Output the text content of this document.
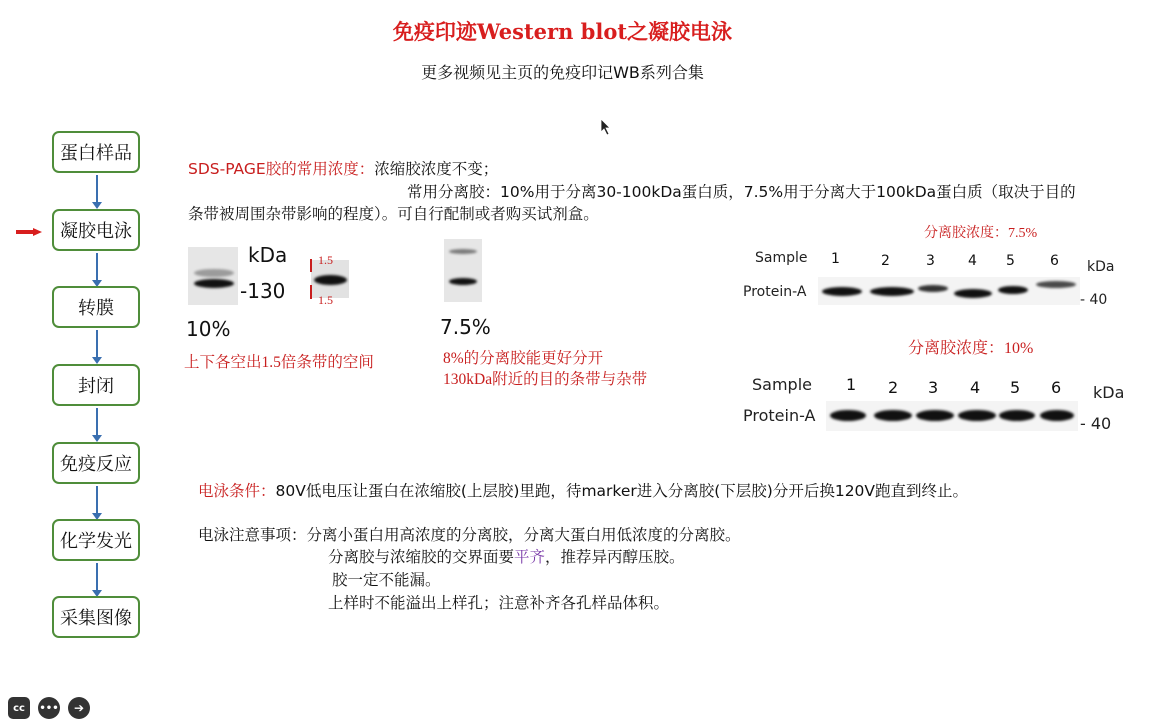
免疫印迹Western blot之凝胶电泳
更多视频见主页的免疫印记WB系列合集
蛋白样品
凝胶电泳
转膜
封闭
免疫反应
化学发光
采集图像
SDS-PAGE胶的常用浓度：浓缩胶浓度不变；
常用分离胶：10%用于分离30-100kDa蛋白质，7.5%用于分离大于100kDa蛋白质（取决于目的
条带被周围杂带影响的程度）。可自行配制或者购买试剂盒。
kDa
-130
1.5
1.5
10%
上下各空出1.5倍条带的空间
7.5%
8%的分离胶能更好分开
130kDa附近的目的条带与杂带
分离胶浓度：7.5%
Sample 1	2	3 4 5	6 kDa
Protein-A	- 40
分离胶浓度：10%
Sample 1 2 3 4 5 6 kDa
Protein-A	- 40
电泳条件：80V低电压让蛋白在浓缩胶(上层胶)里跑，待marker进入分离胶(下层胶)分开后换120V跑直到终止。
电泳注意事项：分离小蛋白用高浓度的分离胶，分离大蛋白用低浓度的分离胶。
分离胶与浓缩胶的交界面要平齐，推荐异丙醇压胶。
胶一定不能漏。
上样时不能溢出上样孔；注意补齐各孔样品体积。
cc	•••	➔
